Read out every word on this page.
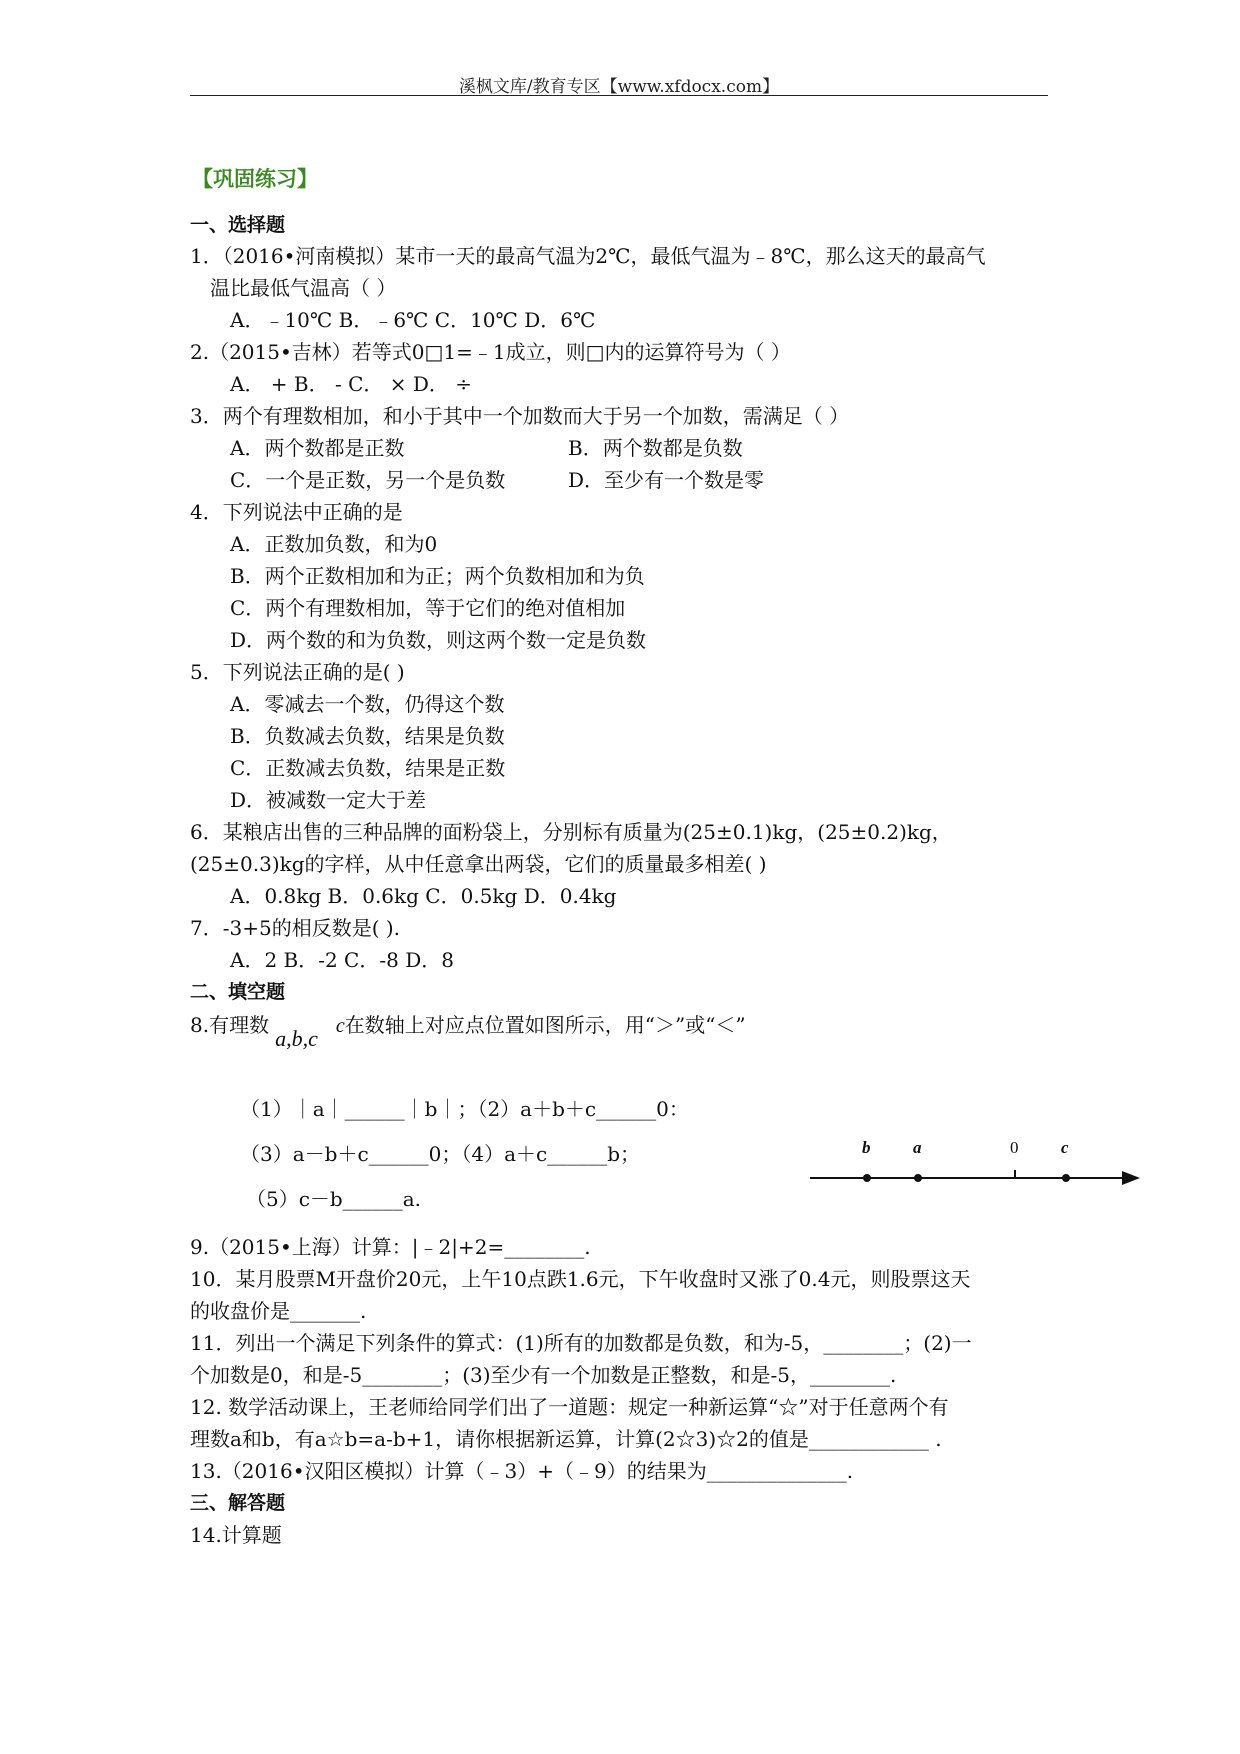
溪枫文库/教育专区【www.xfdocx.com】
【巩固练习】
一、选择题
1．（2016•河南模拟）某市一天的最高气温为2℃，最低气温为﹣8℃，那么这天的最高气
温比最低气温高（ ）
A．﹣10℃ B．﹣6℃ C．10℃ D．6℃
2.（2015•吉林）若等式0□1=﹣1成立，则□内的运算符号为（ ）
A． + B． - C． × D． ÷
3．两个有理数相加，和小于其中一个加数而大于另一个加数，需满足（ ）
A．两个数都是正数	B．两个数都是负数
C．一个是正数，另一个是负数	D．至少有一个数是零
4．下列说法中正确的是
A．正数加负数，和为0
B．两个正数相加和为正；两个负数相加和为负
C．两个有理数相加，等于它们的绝对值相加
D．两个数的和为负数，则这两个数一定是负数
5．下列说法正确的是( )
A．零减去一个数，仍得这个数
B．负数减去负数，结果是负数
C．正数减去负数，结果是正数
D．被减数一定大于差
6．某粮店出售的三种品牌的面粉袋上，分别标有质量为(25±0.1)kg，(25±0.2)kg，
(25±0.3)kg的字样，从中任意拿出两袋，它们的质量最多相差( )
A．0.8kg B．0.6kg C．0.5kg D．0.4kg
7．-3+5的相反数是( ).
A．2 B．-2 C．-8 D．8
二、填空题
8.有理数a,b,c c在数轴上对应点位置如图所示，用“＞”或“＜”
（1）｜a｜______｜b｜；（2）a＋b＋c______0：
（3）a－b＋c______0；（4）a＋c______b；
（5）c－b______a.
b	a	0	c
9.（2015•上海）计算：|﹣2|+2=________.
10．某月股票M开盘价20元，上午10点跌1.6元，下午收盘时又涨了0.4元，则股票这天
的收盘价是_______.
11．列出一个满足下列条件的算式：(1)所有的加数都是负数，和为-5，________；(2)一
个加数是0，和是-5________；(3)至少有一个加数是正整数，和是-5，________.
12. 数学活动课上，王老师给同学们出了一道题：规定一种新运算“☆”对于任意两个有
理数a和b，有a☆b=a-b+1，请你根据新运算，计算(2☆3)☆2的值是____________ .
13.（2016•汉阳区模拟）计算（﹣3）+（﹣9）的结果为______________.
三、解答题
14.计算题
